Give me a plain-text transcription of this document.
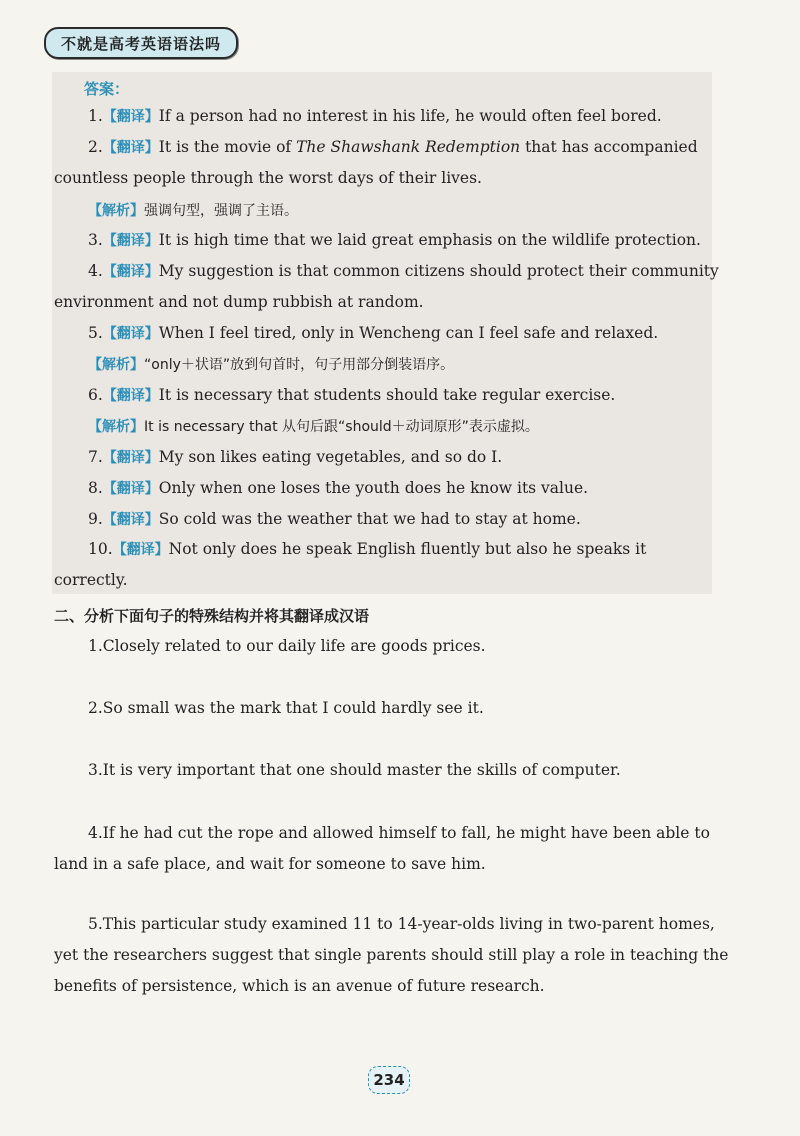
不就是高考英语语法吗
答案：
1.【翻译】If a person had no interest in his life, he would often feel bored.
2.【翻译】It is the movie of The Shawshank Redemption that has accompanied
countless people through the worst days of their lives.
【解析】强调句型，强调了主语。
3.【翻译】It is high time that we laid great emphasis on the wildlife protection.
4.【翻译】My suggestion is that common citizens should protect their community
environment and not dump rubbish at random.
5.【翻译】When I feel tired, only in Wencheng can I feel safe and relaxed.
【解析】“only＋状语”放到句首时，句子用部分倒装语序。
6.【翻译】It is necessary that students should take regular exercise.
【解析】It is necessary that 从句后跟“should＋动词原形”表示虚拟。
7.【翻译】My son likes eating vegetables, and so do I.
8.【翻译】Only when one loses the youth does he know its value.
9.【翻译】So cold was the weather that we had to stay at home.
10.【翻译】Not only does he speak English fluently but also he speaks it
correctly.
二、分析下面句子的特殊结构并将其翻译成汉语
1.Closely related to our daily life are goods prices.
2.So small was the mark that I could hardly see it.
3.It is very important that one should master the skills of computer.
4.If he had cut the rope and allowed himself to fall, he might have been able to
land in a safe place, and wait for someone to save him.
5.This particular study examined 11 to 14-year-olds living in two-parent homes,
yet the researchers suggest that single parents should still play a role in teaching the
benefits of persistence, which is an avenue of future research.
234
